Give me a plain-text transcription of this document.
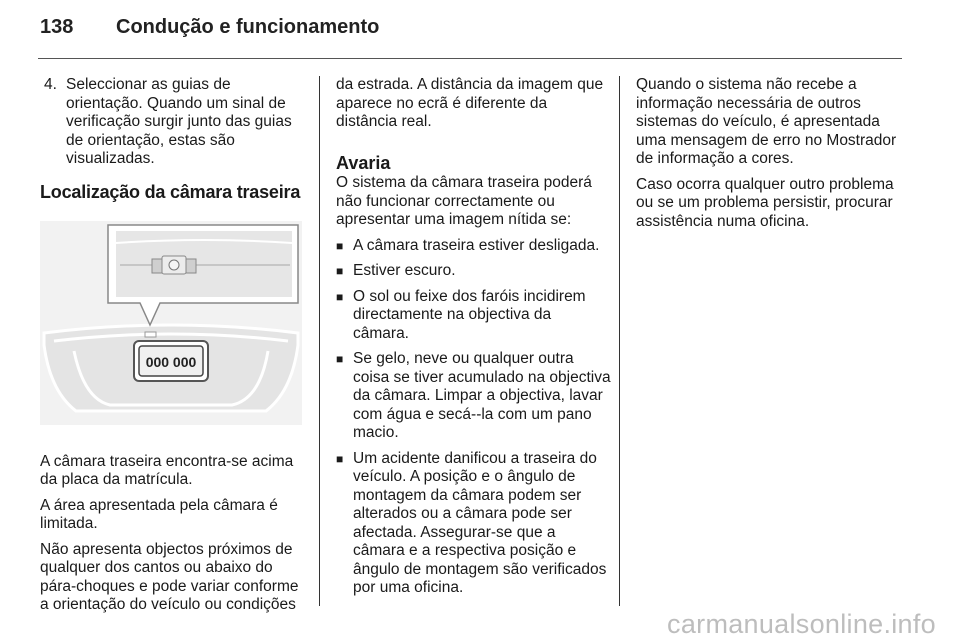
138 Condução e funcionamento
4. Seleccionar as guias de orientação. Quando um sinal de verificação surgir junto das guias de orientação, estas são visualizadas.
Localização da câmara traseira
000 000

A câmara traseira encontra-se acima da placa da matrícula.

A área apresentada pela câmara é limitada.

Não apresenta objectos próximos de qualquer dos cantos ou abaixo do pára-choques e pode variar conforme a orientação do veículo ou condições

da estrada. A distância da imagem que aparece no ecrã é diferente da distância real.

Avaria

O sistema da câmara traseira poderá não funcionar correctamente ou apresentar uma imagem nítida se:

■ A câmara traseira estiver desligada.
■ Estiver escuro.
■ O sol ou feixe dos faróis incidirem directamente na objectiva da câmara.
■ Se gelo, neve ou qualquer outra coisa se tiver acumulado na objectiva da câmara. Limpar a objectiva, lavar com água e secá--la com um pano macio.
■ Um acidente danificou a traseira do veículo. A posição e o ângulo de montagem da câmara podem ser alterados ou a câmara pode ser afectada. Assegurar-se que a câmara e a respectiva posição e ângulo de montagem são verificados por uma oficina.

Quando o sistema não recebe a informação necessária de outros sistemas do veículo, é apresentada uma mensagem de erro no Mostrador de informação a cores.

Caso ocorra qualquer outro problema ou se um problema persistir, procurar assistência numa oficina.

carmanualsonline.info
